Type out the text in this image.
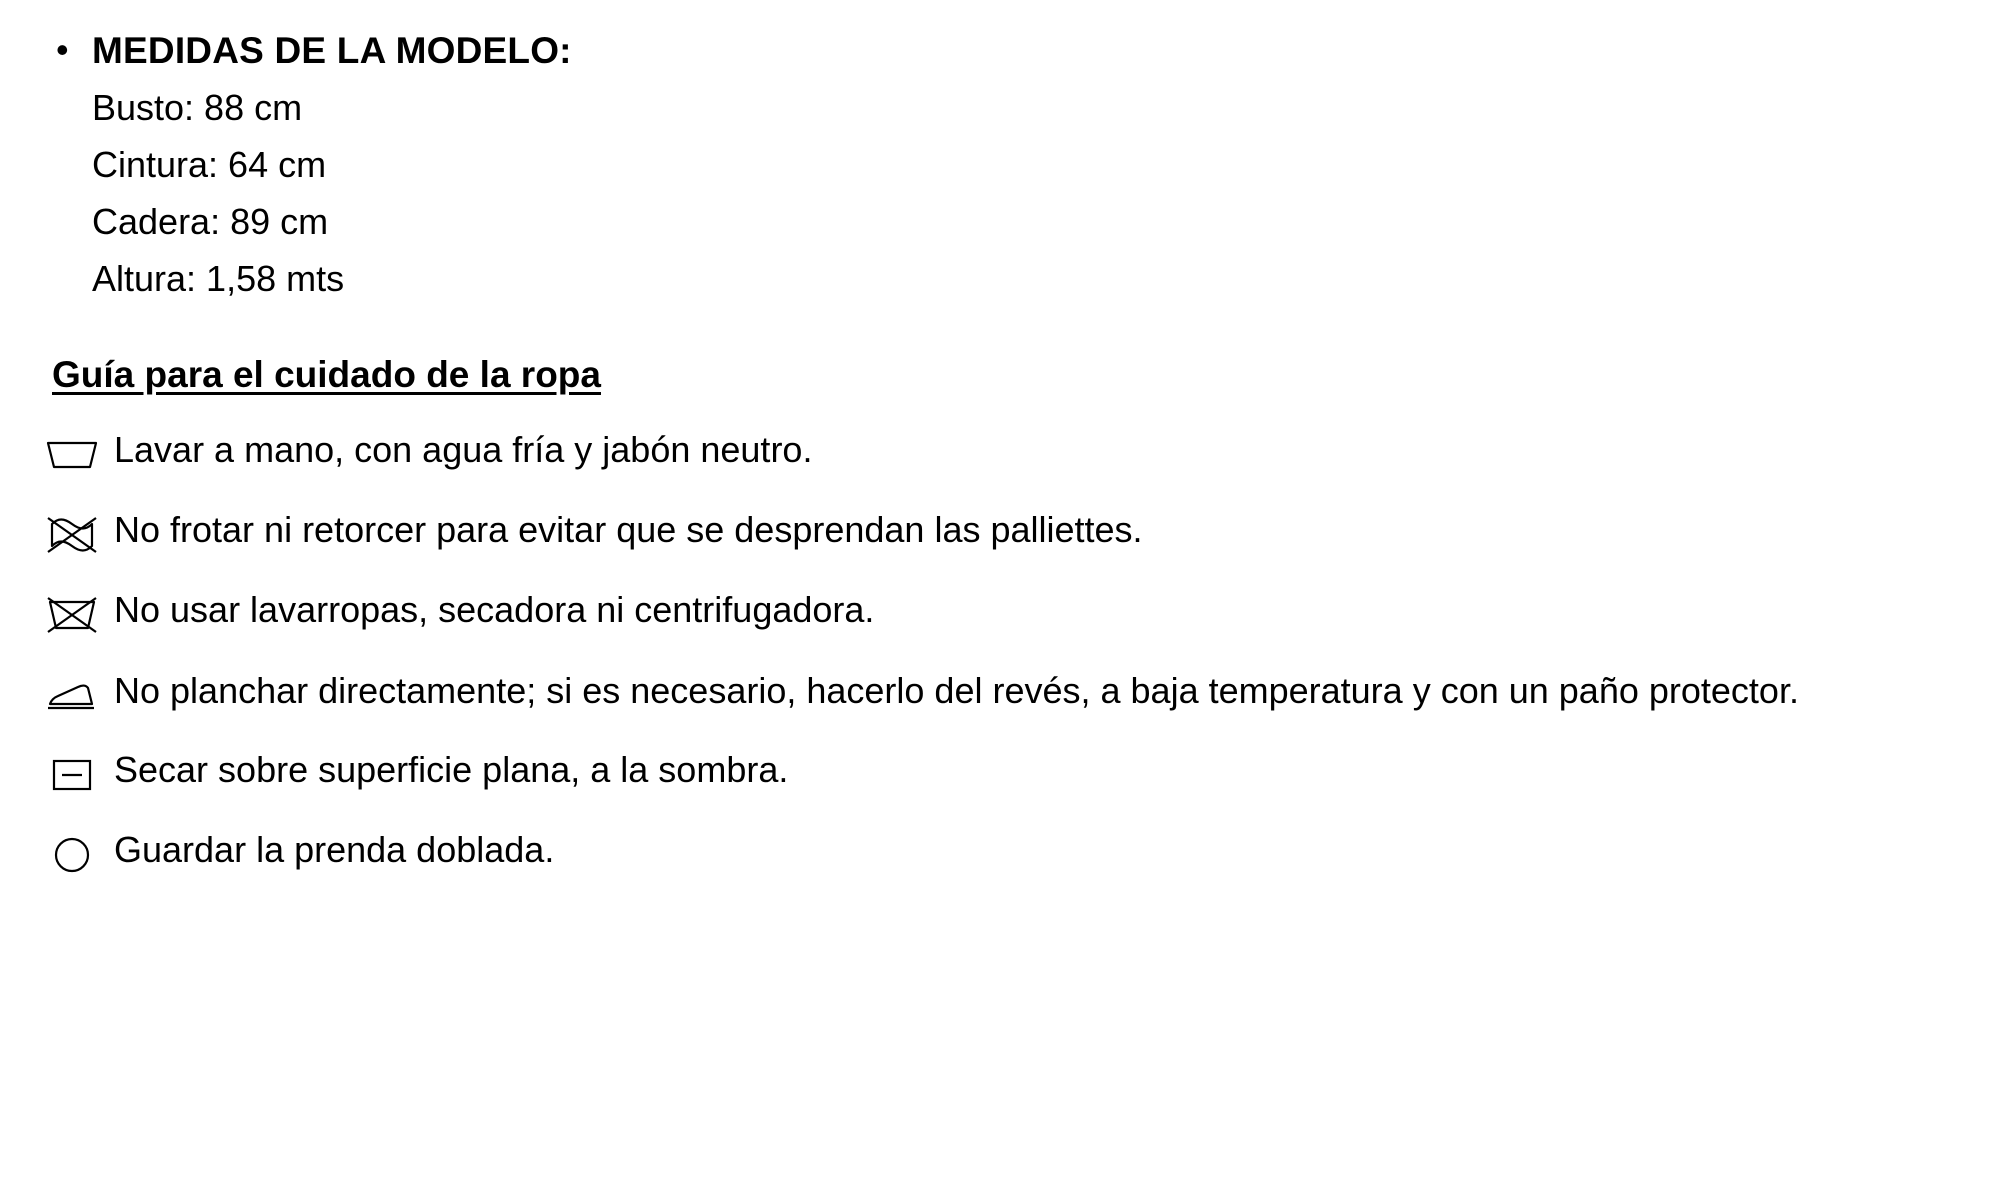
• MEDIDAS DE LA MODELO:
Busto: 88 cm
Cintura: 64 cm
Cadera: 89 cm
Altura: 1,58 mts
Guía para el cuidado de la ropa
Lavar a mano, con agua fría y jabón neutro.
No frotar ni retorcer para evitar que se desprendan las palliettes.
No usar lavarropas, secadora ni centrifugadora.
No planchar directamente; si es necesario, hacerlo del revés, a baja temperatura y con un paño protector.
Secar sobre superficie plana, a la sombra.
Guardar la prenda doblada.
